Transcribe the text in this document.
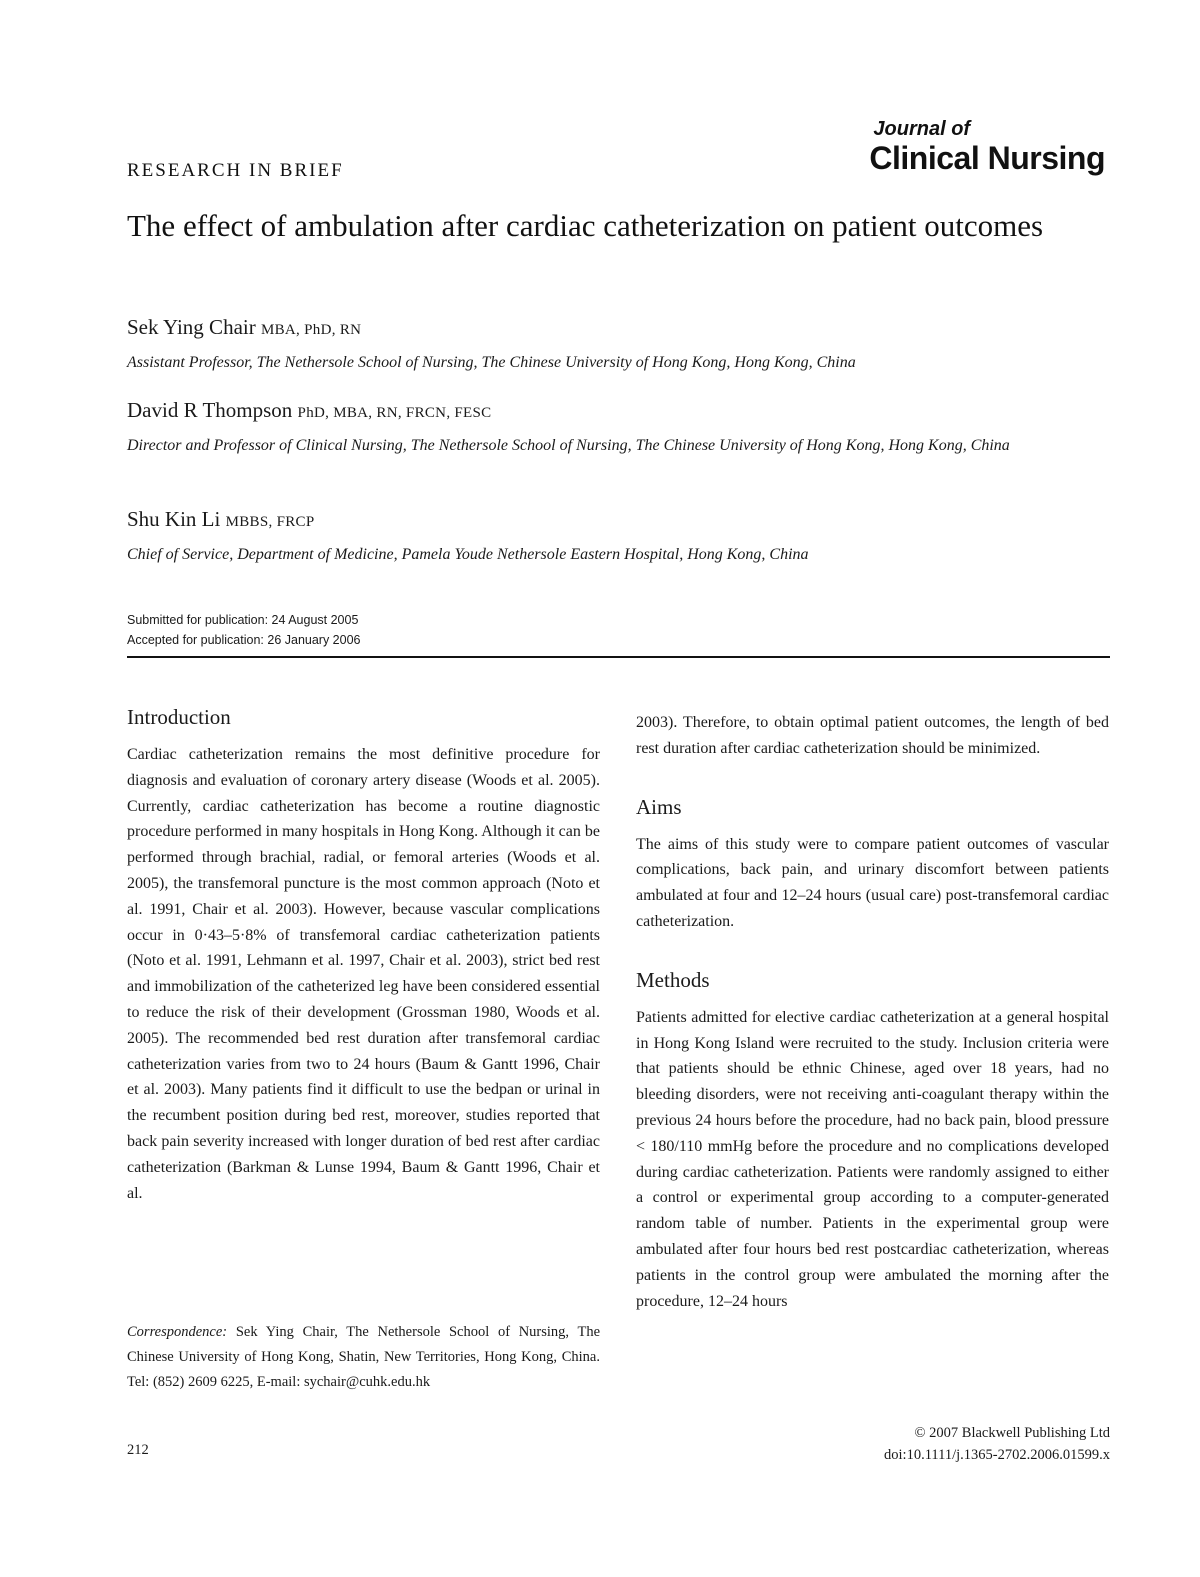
RESEARCH IN BRIEF
Journal of
Clinical Nursing
The effect of ambulation after cardiac catheterization on patient outcomes
Sek Ying Chair MBA, PhD, RN
Assistant Professor, The Nethersole School of Nursing, The Chinese University of Hong Kong, Hong Kong, China
David R Thompson PhD, MBA, RN, FRCN, FESC
Director and Professor of Clinical Nursing, The Nethersole School of Nursing, The Chinese University of Hong Kong, Hong Kong, China
Shu Kin Li MBBS, FRCP
Chief of Service, Department of Medicine, Pamela Youde Nethersole Eastern Hospital, Hong Kong, China
Submitted for publication: 24 August 2005
Accepted for publication: 26 January 2006
Introduction

Cardiac catheterization remains the most definitive procedure for diagnosis and evaluation of coronary artery disease (Woods et al. 2005). Currently, cardiac catheterization has become a routine diagnostic procedure performed in many hospitals in Hong Kong. Although it can be performed through brachial, radial, or femoral arteries (Woods et al. 2005), the transfemoral puncture is the most common approach (Noto et al. 1991, Chair et al. 2003). However, because vascular complications occur in 0·43–5·8% of transfemoral cardiac catheterization patients (Noto et al. 1991, Lehmann et al. 1997, Chair et al. 2003), strict bed rest and immobilization of the catheterized leg have been considered essential to reduce the risk of their development (Grossman 1980, Woods et al. 2005). The recommended bed rest duration after transfemoral cardiac catheterization varies from two to 24 hours (Baum & Gantt 1996, Chair et al. 2003). Many patients find it difficult to use the bedpan or urinal in the recumbent position during bed rest, moreover, studies reported that back pain severity increased with longer duration of bed rest after cardiac catheterization (Barkman & Lunse 1994, Baum & Gantt 1996, Chair et al.

Correspondence: Sek Ying Chair, The Nethersole School of Nursing, The Chinese University of Hong Kong, Shatin, New Territories, Hong Kong, China. Tel: (852) 2609 6225, E-mail: sychair@cuhk.edu.hk

2003). Therefore, to obtain optimal patient outcomes, the length of bed rest duration after cardiac catheterization should be minimized.

Aims

The aims of this study were to compare patient outcomes of vascular complications, back pain, and urinary discomfort between patients ambulated at four and 12–24 hours (usual care) post-transfemoral cardiac catheterization.

Methods

Patients admitted for elective cardiac catheterization at a general hospital in Hong Kong Island were recruited to the study. Inclusion criteria were that patients should be ethnic Chinese, aged over 18 years, had no bleeding disorders, were not receiving anti-coagulant therapy within the previous 24 hours before the procedure, had no back pain, blood pressure < 180/110 mmHg before the procedure and no complications developed during cardiac catheterization. Patients were randomly assigned to either a control or experimental group according to a computer-generated random table of number. Patients in the experimental group were ambulated after four hours bed rest postcardiac catheterization, whereas patients in the control group were ambulated the morning after the procedure, 12–24 hours

212
© 2007 Blackwell Publishing Ltd
doi:10.1111/j.1365-2702.2006.01599.x
